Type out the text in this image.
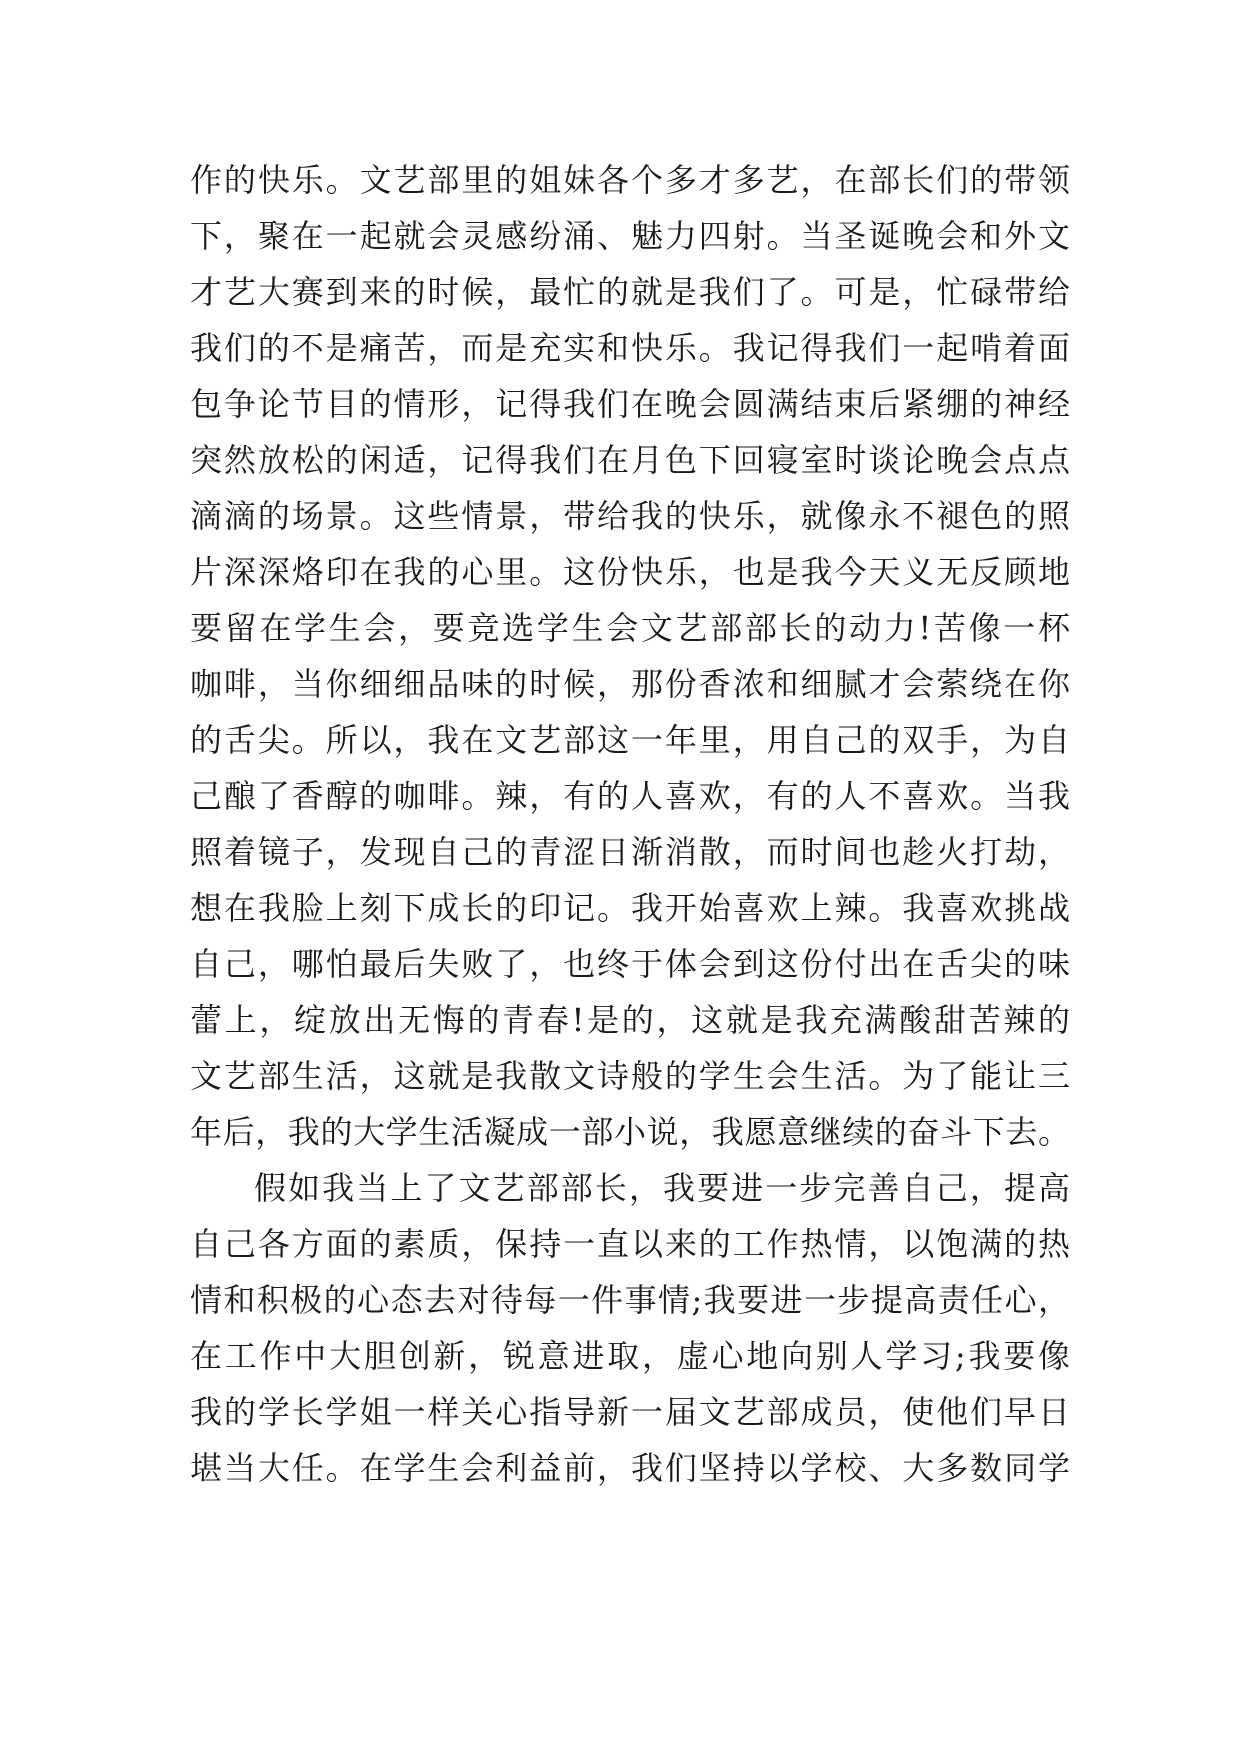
作的快乐。文艺部里的姐妹各个多才多艺，在部长们的带领
下，聚在一起就会灵感纷涌、魅力四射。当圣诞晚会和外文
才艺大赛到来的时候，最忙的就是我们了。可是，忙碌带给
我们的不是痛苦，而是充实和快乐。我记得我们一起啃着面
包争论节目的情形，记得我们在晚会圆满结束后紧绷的神经
突然放松的闲适，记得我们在月色下回寝室时谈论晚会点点
滴滴的场景。这些情景，带给我的快乐，就像永不褪色的照
片深深烙印在我的心里。这份快乐，也是我今天义无反顾地
要留在学生会，要竞选学生会文艺部部长的动力!苦像一杯
咖啡，当你细细品味的时候，那份香浓和细腻才会萦绕在你
的舌尖。所以，我在文艺部这一年里，用自己的双手，为自
己酿了香醇的咖啡。辣，有的人喜欢，有的人不喜欢。当我
照着镜子，发现自己的青涩日渐消散，而时间也趁火打劫，
想在我脸上刻下成长的印记。我开始喜欢上辣。我喜欢挑战
自己，哪怕最后失败了，也终于体会到这份付出在舌尖的味
蕾上，绽放出无悔的青春!是的，这就是我充满酸甜苦辣的
文艺部生活，这就是我散文诗般的学生会生活。为了能让三
年后，我的大学生活凝成一部小说，我愿意继续的奋斗下去。
假如我当上了文艺部部长，我要进一步完善自己，提高
自己各方面的素质，保持一直以来的工作热情，以饱满的热
情和积极的心态去对待每一件事情;我要进一步提高责任心，
在工作中大胆创新，锐意进取，虚心地向别人学习;我要像
我的学长学姐一样关心指导新一届文艺部成员，使他们早日
堪当大任。在学生会利益前，我们坚持以学校、大多数同学
